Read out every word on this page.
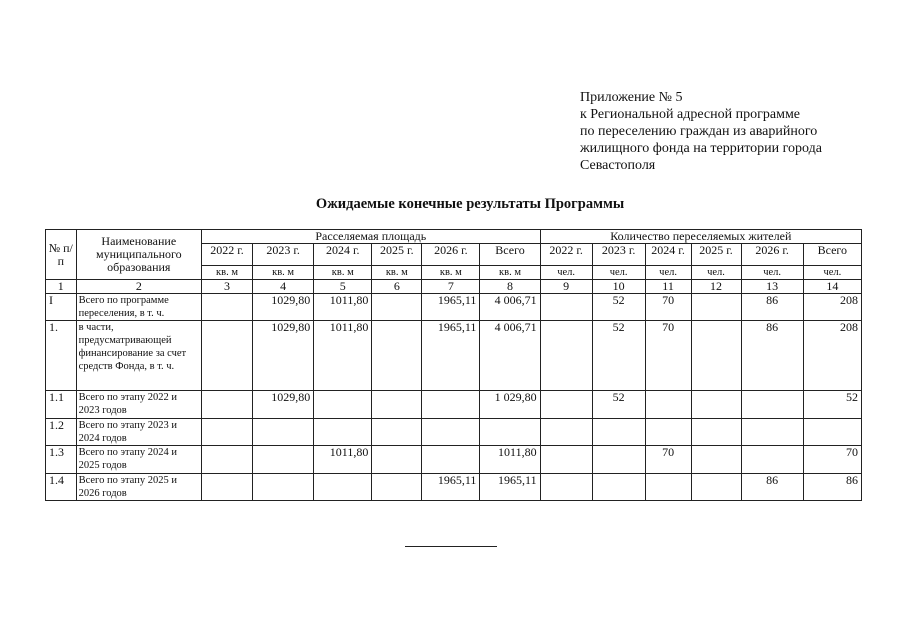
Приложение № 5
к Региональной адресной программе
по переселению граждан из аварийного
жилищного фонда на территории города
Севастополя
Ожидаемые конечные результаты Программы
№ п/п	Наименование муниципального образования	Расселяемая площадь						Количество переселяемых жителей					
		2022 г.	2023 г.	2024 г.	2025 г.	2026 г.	Всего	2022 г.	2023 г.	2024 г.	2025 г.	2026 г.	Всего
		кв. м	кв. м	кв. м	кв. м	кв. м	кв. м	чел.	чел.	чел.	чел.	чел.	чел.
1	2	3	4	5	6	7	8	9	10	11	12	13	14
I	Всего по программе переселения, в т. ч.		1029,80	1011,80		1965,11	4 006,71		52	70		86	208
1.	в части, предусматривающей финансирование за счет средств Фонда, в т. ч.		1029,80	1011,80		1965,11	4 006,71		52	70		86	208
1.1	Всего по этапу 2022 и 2023 годов		1029,80				1 029,80		52				52
1.2	Всего по этапу 2023 и 2024 годов												
1.3	Всего по этапу 2024 и 2025 годов			1011,80			1011,80			70			70
1.4	Всего по этапу 2025 и 2026 годов					1965,11	1965,11					86	86
